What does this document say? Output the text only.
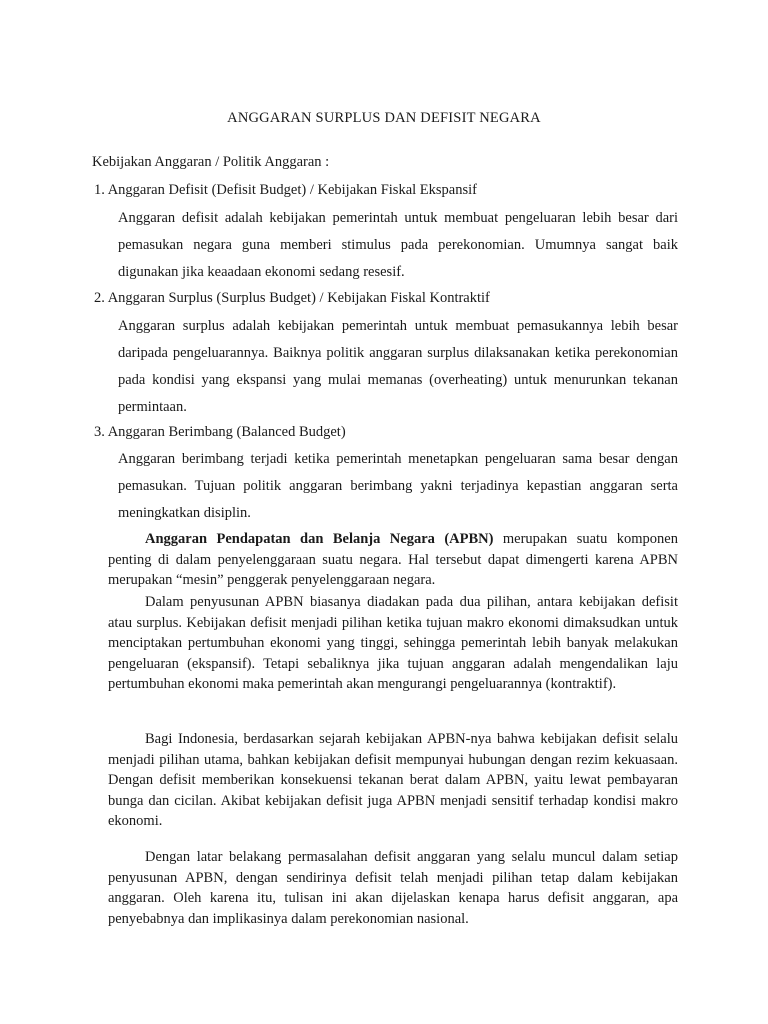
ANGGARAN SURPLUS DAN DEFISIT NEGARA
Kebijakan Anggaran / Politik Anggaran :
1. Anggaran Defisit (Defisit Budget) / Kebijakan Fiskal Ekspansif
Anggaran defisit adalah kebijakan pemerintah untuk membuat pengeluaran lebih besar dari pemasukan negara guna memberi stimulus pada perekonomian. Umumnya sangat baik digunakan jika keaadaan ekonomi sedang resesif.
2. Anggaran Surplus (Surplus Budget) / Kebijakan Fiskal Kontraktif
Anggaran surplus adalah kebijakan pemerintah untuk membuat pemasukannya lebih besar daripada pengeluarannya. Baiknya politik anggaran surplus dilaksanakan ketika perekonomian pada kondisi yang ekspansi yang mulai memanas (overheating) untuk menurunkan tekanan permintaan.
3. Anggaran Berimbang (Balanced Budget)
Anggaran berimbang terjadi ketika pemerintah menetapkan pengeluaran sama besar dengan pemasukan. Tujuan politik anggaran berimbang yakni terjadinya kepastian anggaran serta meningkatkan disiplin.
Anggaran Pendapatan dan Belanja Negara (APBN) merupakan suatu komponen penting di dalam penyelenggaraan suatu negara. Hal tersebut dapat dimengerti karena APBN merupakan “mesin” penggerak penyelenggaraan negara.
Dalam penyusunan APBN biasanya diadakan pada dua pilihan, antara kebijakan defisit atau surplus. Kebijakan defisit menjadi pilihan ketika tujuan makro ekonomi dimaksudkan untuk menciptakan pertumbuhan ekonomi yang tinggi, sehingga pemerintah lebih banyak melakukan pengeluaran (ekspansif). Tetapi sebaliknya jika tujuan anggaran adalah mengendalikan laju pertumbuhan ekonomi maka pemerintah akan mengurangi pengeluarannya (kontraktif).
Bagi Indonesia, berdasarkan sejarah kebijakan APBN-nya bahwa kebijakan defisit selalu menjadi pilihan utama, bahkan kebijakan defisit mempunyai hubungan dengan rezim kekuasaan. Dengan defisit memberikan konsekuensi tekanan berat dalam APBN, yaitu lewat pembayaran bunga dan cicilan. Akibat kebijakan defisit juga APBN menjadi sensitif terhadap kondisi makro ekonomi.
Dengan latar belakang permasalahan defisit anggaran yang selalu muncul dalam setiap penyusunan APBN, dengan sendirinya defisit telah menjadi pilihan tetap dalam kebijakan anggaran. Oleh karena itu, tulisan ini akan dijelaskan kenapa harus defisit anggaran, apa penyebabnya dan implikasinya dalam perekonomian nasional.
